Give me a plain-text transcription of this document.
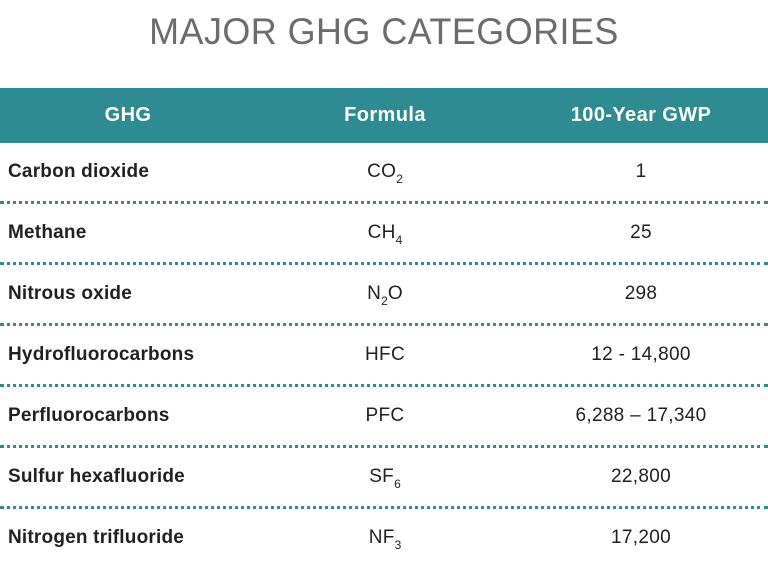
MAJOR GHG CATEGORIES
GHG	Formula	100-Year GWP
Carbon dioxide	$CO_2$	1
Methane	$CH_4$	25
Nitrous oxide	$N_2O$	298
Hydrofluorocarbons	HFC	12 - 14,800
Perfluorocarbons	PFC	6,288 – 17,340
Sulfur hexafluoride	$SF_6$	22,800
Nitrogen trifluoride	$NF_3$	17,200
